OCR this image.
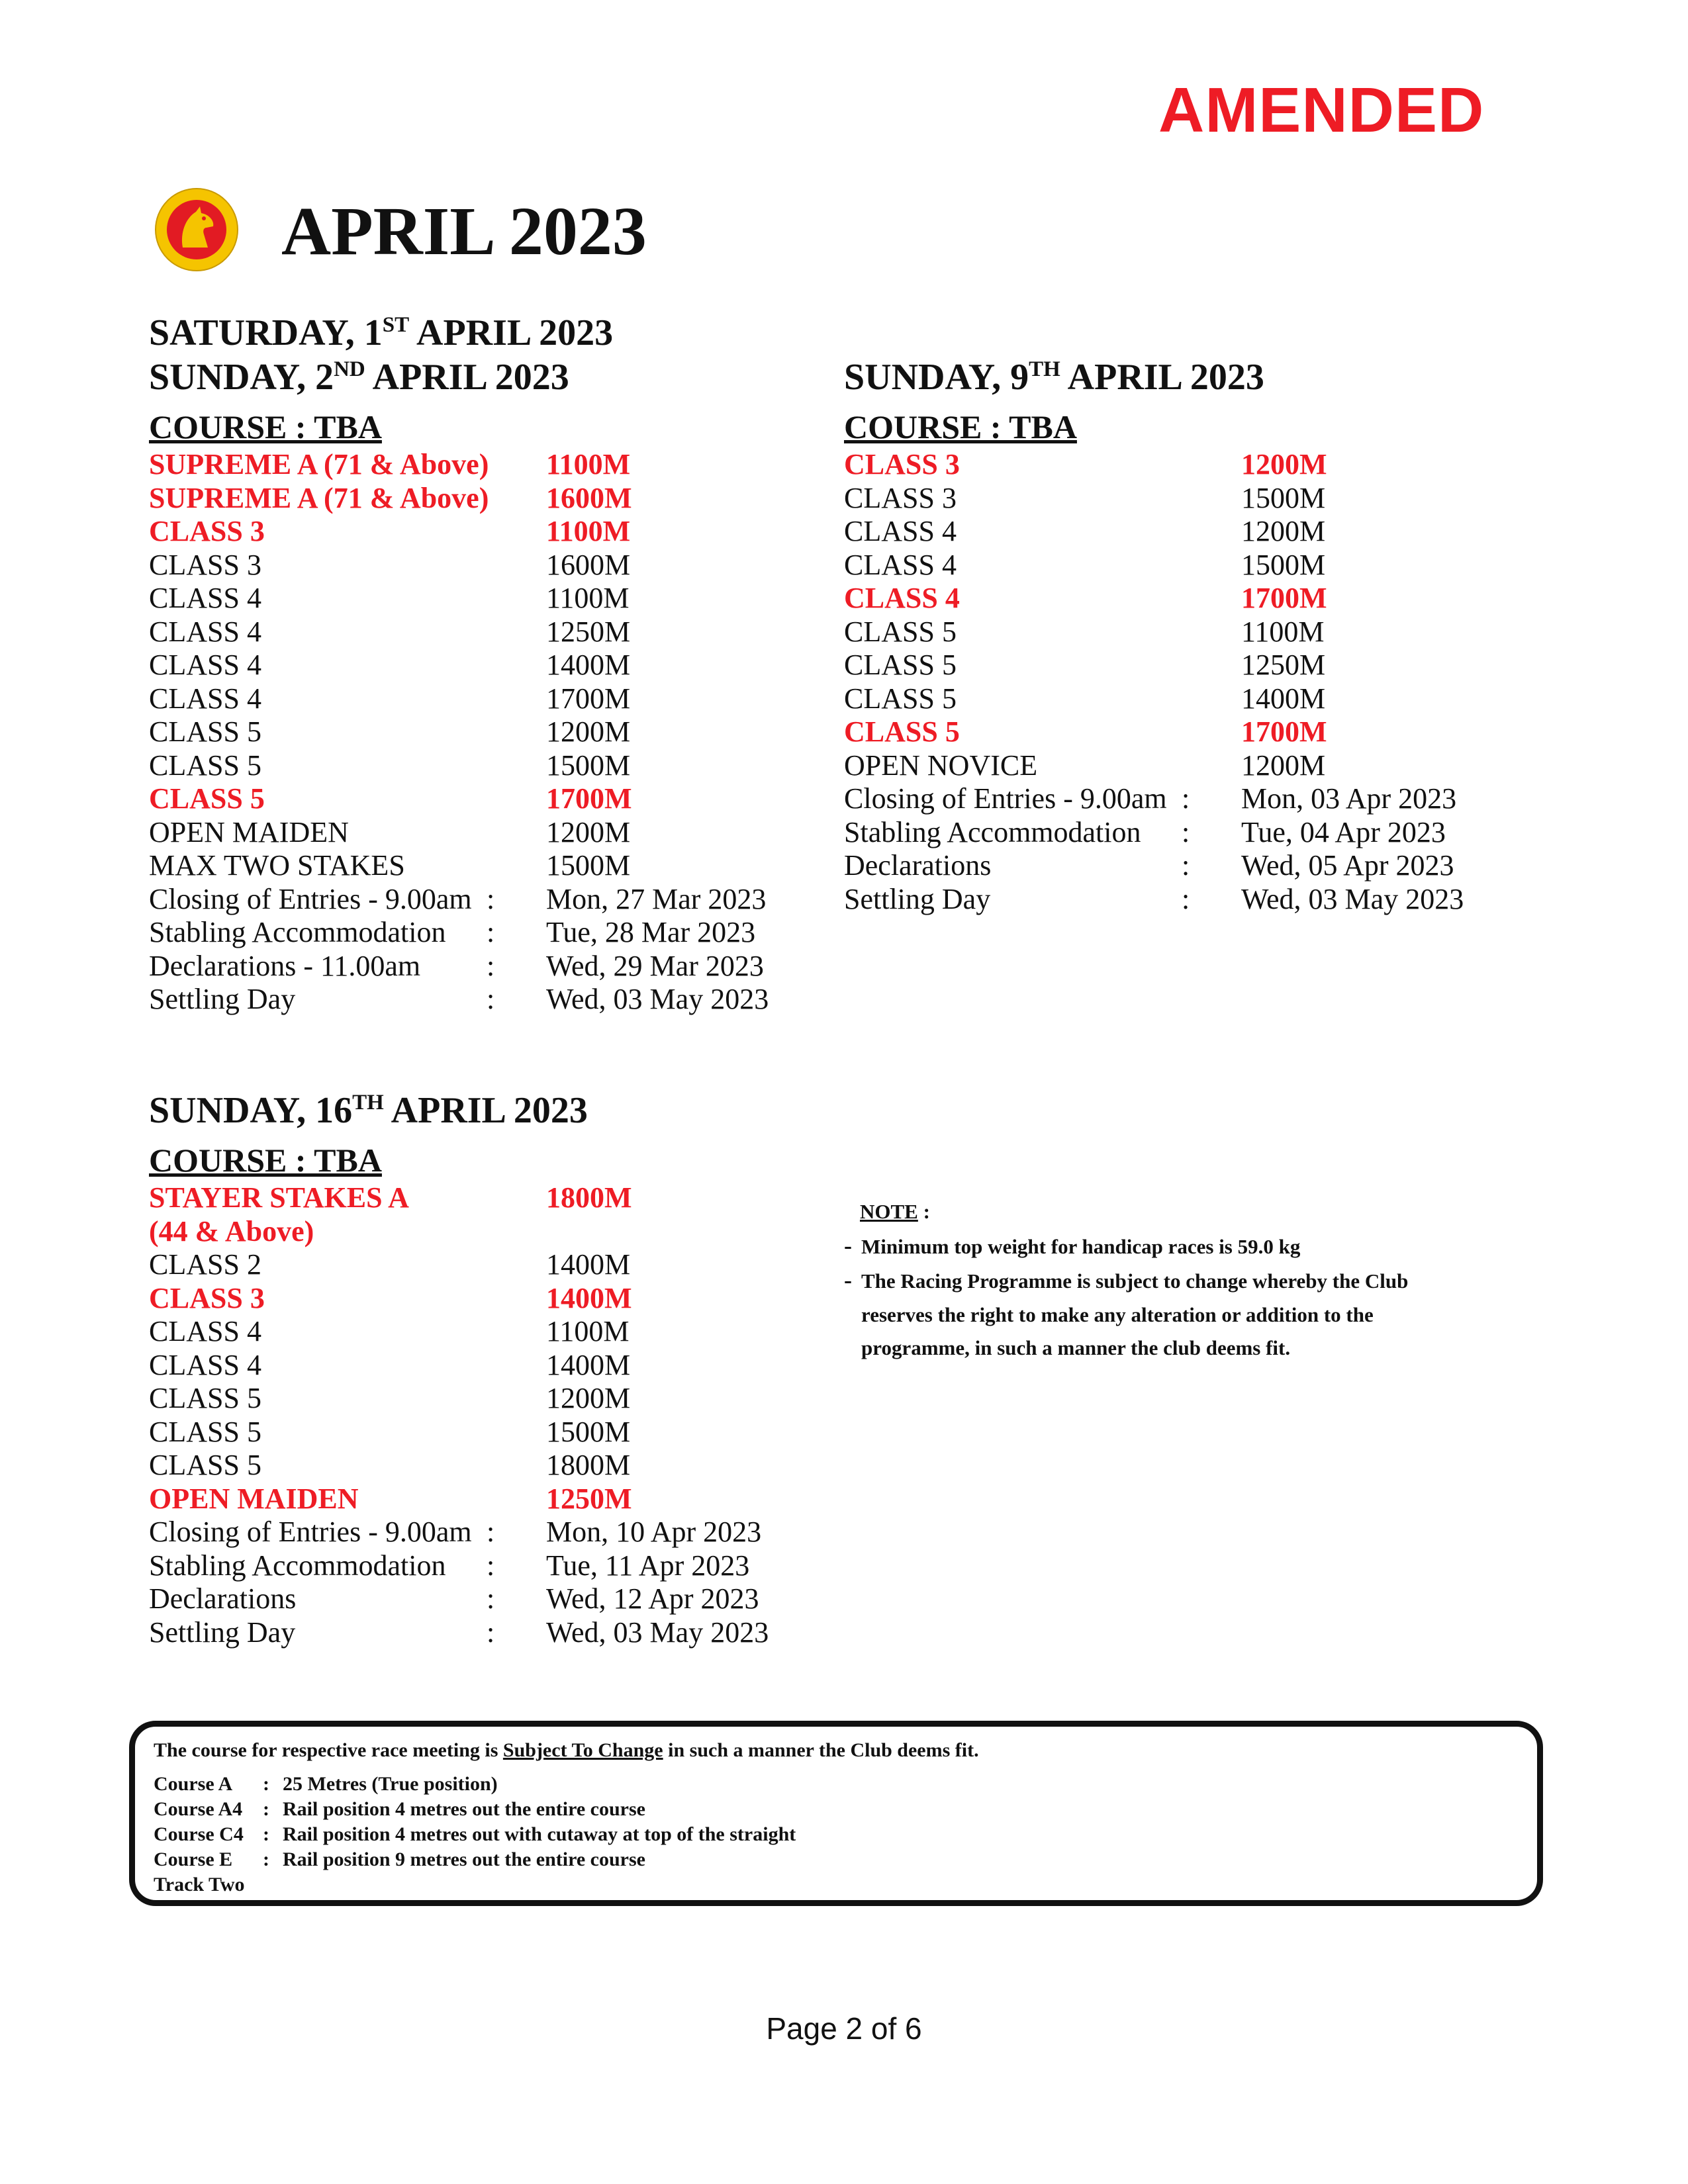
AMENDED
APRIL 2023
SATURDAY, 1ST APRIL 2023
SUNDAY, 2ND APRIL 2023
COURSE : TBA
SUPREME A (71 & Above)	1100M
SUPREME A (71 & Above)	1600M
CLASS 3	1100M
CLASS 3	1600M
CLASS 4	1100M
CLASS 4	1250M
CLASS 4	1400M
CLASS 4	1700M
CLASS 5	1200M
CLASS 5	1500M
CLASS 5	1700M
OPEN MAIDEN	1200M
MAX TWO STAKES	1500M
Closing of Entries - 9.00am :	Mon, 27 Mar 2023
Stabling Accommodation	:	Tue, 28 Mar 2023
Declarations - 11.00am	:	Wed, 29 Mar 2023
Settling Day	:	Wed, 03 May 2023
SUNDAY, 9TH APRIL 2023
COURSE : TBA
CLASS 3	1200M
CLASS 3	1500M
CLASS 4	1200M
CLASS 4	1500M
CLASS 4	1700M
CLASS 5	1100M
CLASS 5	1250M
CLASS 5	1400M
CLASS 5	1700M
OPEN NOVICE	1200M
Closing of Entries - 9.00am :	Mon, 03 Apr 2023
Stabling Accommodation	:	Tue, 04 Apr 2023
Declarations	:	Wed, 05 Apr 2023
Settling Day	:	Wed, 03 May 2023
SUNDAY, 16TH APRIL 2023
COURSE : TBA
STAYER STAKES A	1800M
(44 & Above)
CLASS 2	1400M
CLASS 3	1400M
CLASS 4	1100M
CLASS 4	1400M
CLASS 5	1200M
CLASS 5	1500M
CLASS 5	1800M
OPEN MAIDEN	1250M
Closing of Entries - 9.00am :	Mon, 10 Apr 2023
Stabling Accommodation	:	Tue, 11 Apr 2023
Declarations	:	Wed, 12 Apr 2023
Settling Day	:	Wed, 03 May 2023
NOTE :
- Minimum top weight for handicap races is 59.0 kg
- The Racing Programme is subject to change whereby the Club
reserves the right to make any alteration or addition to the
programme, in such a manner the club deems fit.
The course for respective race meeting is Subject To Change in such a manner the Club deems fit.
Course A	: 25 Metres (True position)
Course A4	: Rail position 4 metres out the entire course
Course C4 : Rail position 4 metres out with cutaway at top of the straight
Course E	: Rail position 9 metres out the entire course
Track Two
Page 2 of 6
